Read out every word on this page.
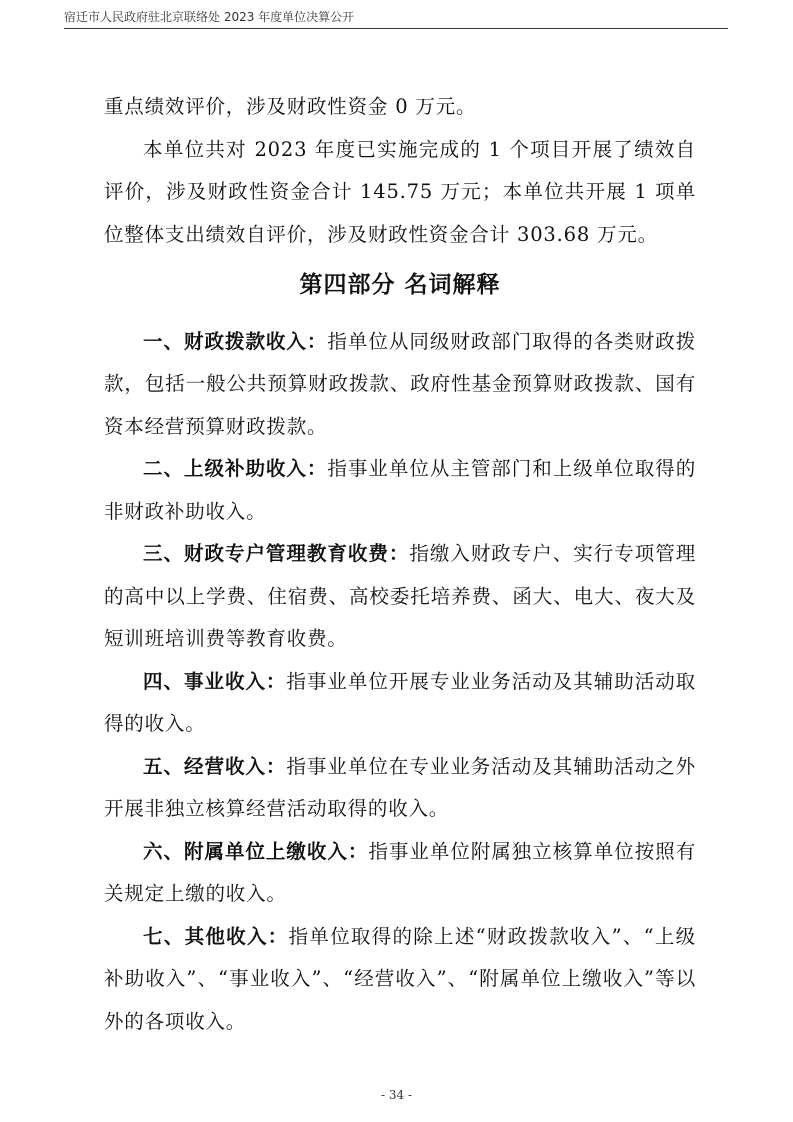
宿迁市人民政府驻北京联络处 2023 年度单位决算公开

重点绩效评价，涉及财政性资金 0 万元。

本单位共对 2023 年度已实施完成的 1 个项目开展了绩效自评价，涉及财政性资金合计 145.75 万元；本单位共开展 1 项单位整体支出绩效自评价，涉及财政性资金合计 303.68 万元。

第四部分 名词解释

一、财政拨款收入：指单位从同级财政部门取得的各类财政拨款，包括一般公共预算财政拨款、政府性基金预算财政拨款、国有资本经营预算财政拨款。

二、上级补助收入：指事业单位从主管部门和上级单位取得的非财政补助收入。

三、财政专户管理教育收费：指缴入财政专户、实行专项管理的高中以上学费、住宿费、高校委托培养费、函大、电大、夜大及短训班培训费等教育收费。

四、事业收入：指事业单位开展专业业务活动及其辅助活动取得的收入。

五、经营收入：指事业单位在专业业务活动及其辅助活动之外开展非独立核算经营活动取得的收入。

六、附属单位上缴收入：指事业单位附属独立核算单位按照有关规定上缴的收入。

七、其他收入：指单位取得的除上述“财政拨款收入”、“上级补助收入”、“事业收入”、“经营收入”、“附属单位上缴收入”等以外的各项收入。

- 34 -
